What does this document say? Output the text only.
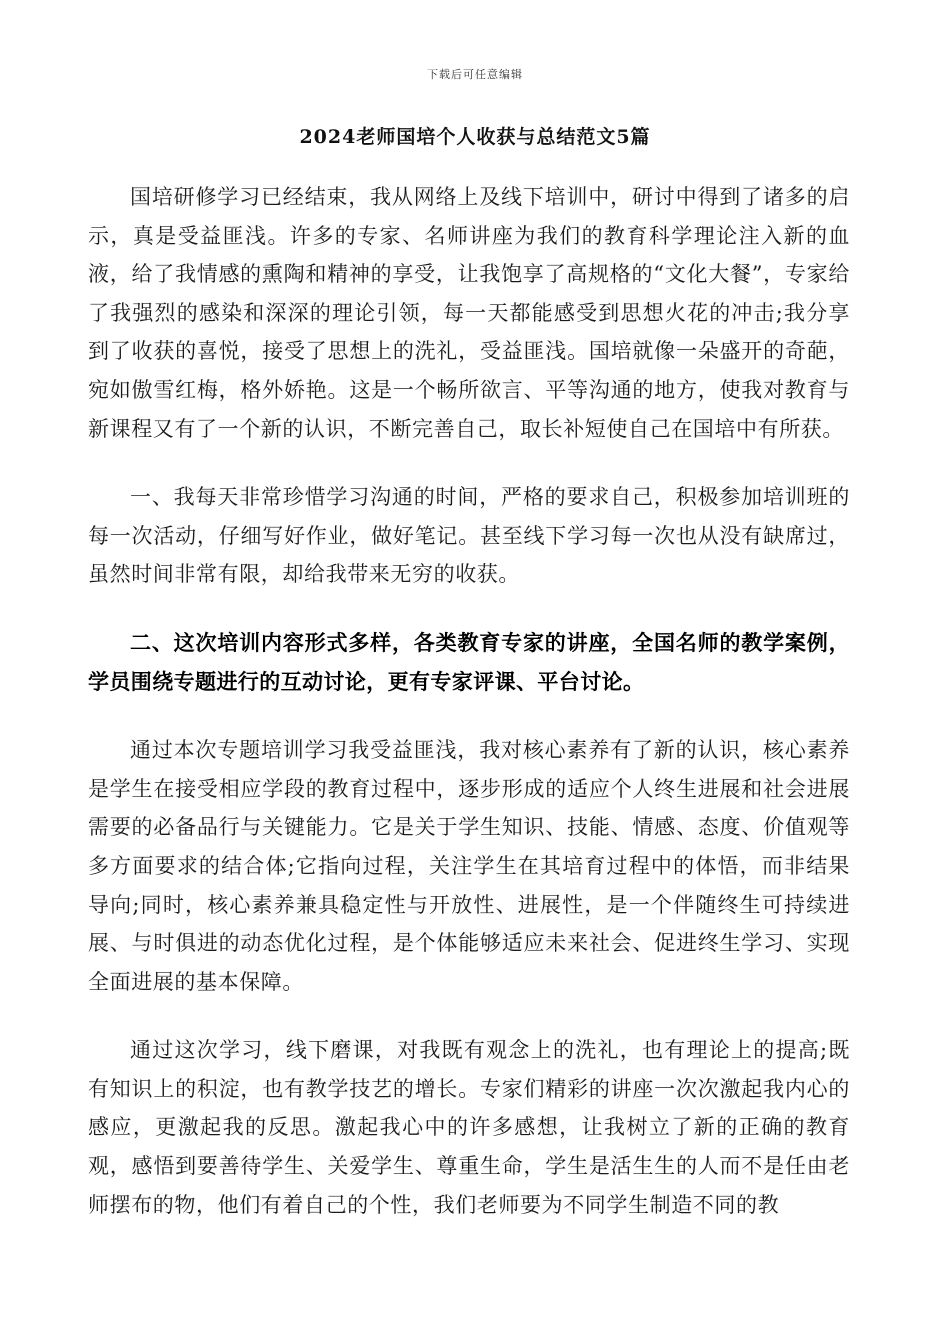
下载后可任意编辑
2024老师国培个人收获与总结范文5篇

国培研修学习已经结束，我从网络上及线下培训中，研讨中得到了诸多的启示，真是受益匪浅。许多的专家、名师讲座为我们的教育科学理论注入新的血液，给了我情感的熏陶和精神的享受，让我饱享了高规格的“文化大餐”，专家给了我强烈的感染和深深的理论引领，每一天都能感受到思想火花的冲击;我分享到了收获的喜悦，接受了思想上的洗礼，受益匪浅。国培就像一朵盛开的奇葩，宛如傲雪红梅，格外娇艳。这是一个畅所欲言、平等沟通的地方，使我对教育与新课程又有了一个新的认识，不断完善自己，取长补短使自己在国培中有所获。

一、我每天非常珍惜学习沟通的时间，严格的要求自己，积极参加培训班的每一次活动，仔细写好作业，做好笔记。甚至线下学习每一次也从没有缺席过，虽然时间非常有限，却给我带来无穷的收获。

二、这次培训内容形式多样，各类教育专家的讲座，全国名师的教学案例，学员围绕专题进行的互动讨论，更有专家评课、平台讨论。

通过本次专题培训学习我受益匪浅，我对核心素养有了新的认识，核心素养是学生在接受相应学段的教育过程中，逐步形成的适应个人终生进展和社会进展需要的必备品行与关键能力。它是关于学生知识、技能、情感、态度、价值观等多方面要求的结合体;它指向过程，关注学生在其培育过程中的体悟，而非结果导向;同时，核心素养兼具稳定性与开放性、进展性，是一个伴随终生可持续进展、与时俱进的动态优化过程，是个体能够适应未来社会、促进终生学习、实现全面进展的基本保障。

通过这次学习，线下磨课，对我既有观念上的洗礼，也有理论上的提高;既有知识上的积淀，也有教学技艺的增长。专家们精彩的讲座一次次激起我内心的感应，更激起我的反思。激起我心中的许多感想，让我树立了新的正确的教育观，感悟到要善待学生、关爱学生、尊重生命，学生是活生生的人而不是任由老师摆布的物，他们有着自己的个性，我们老师要为不同学生制造不同的教
